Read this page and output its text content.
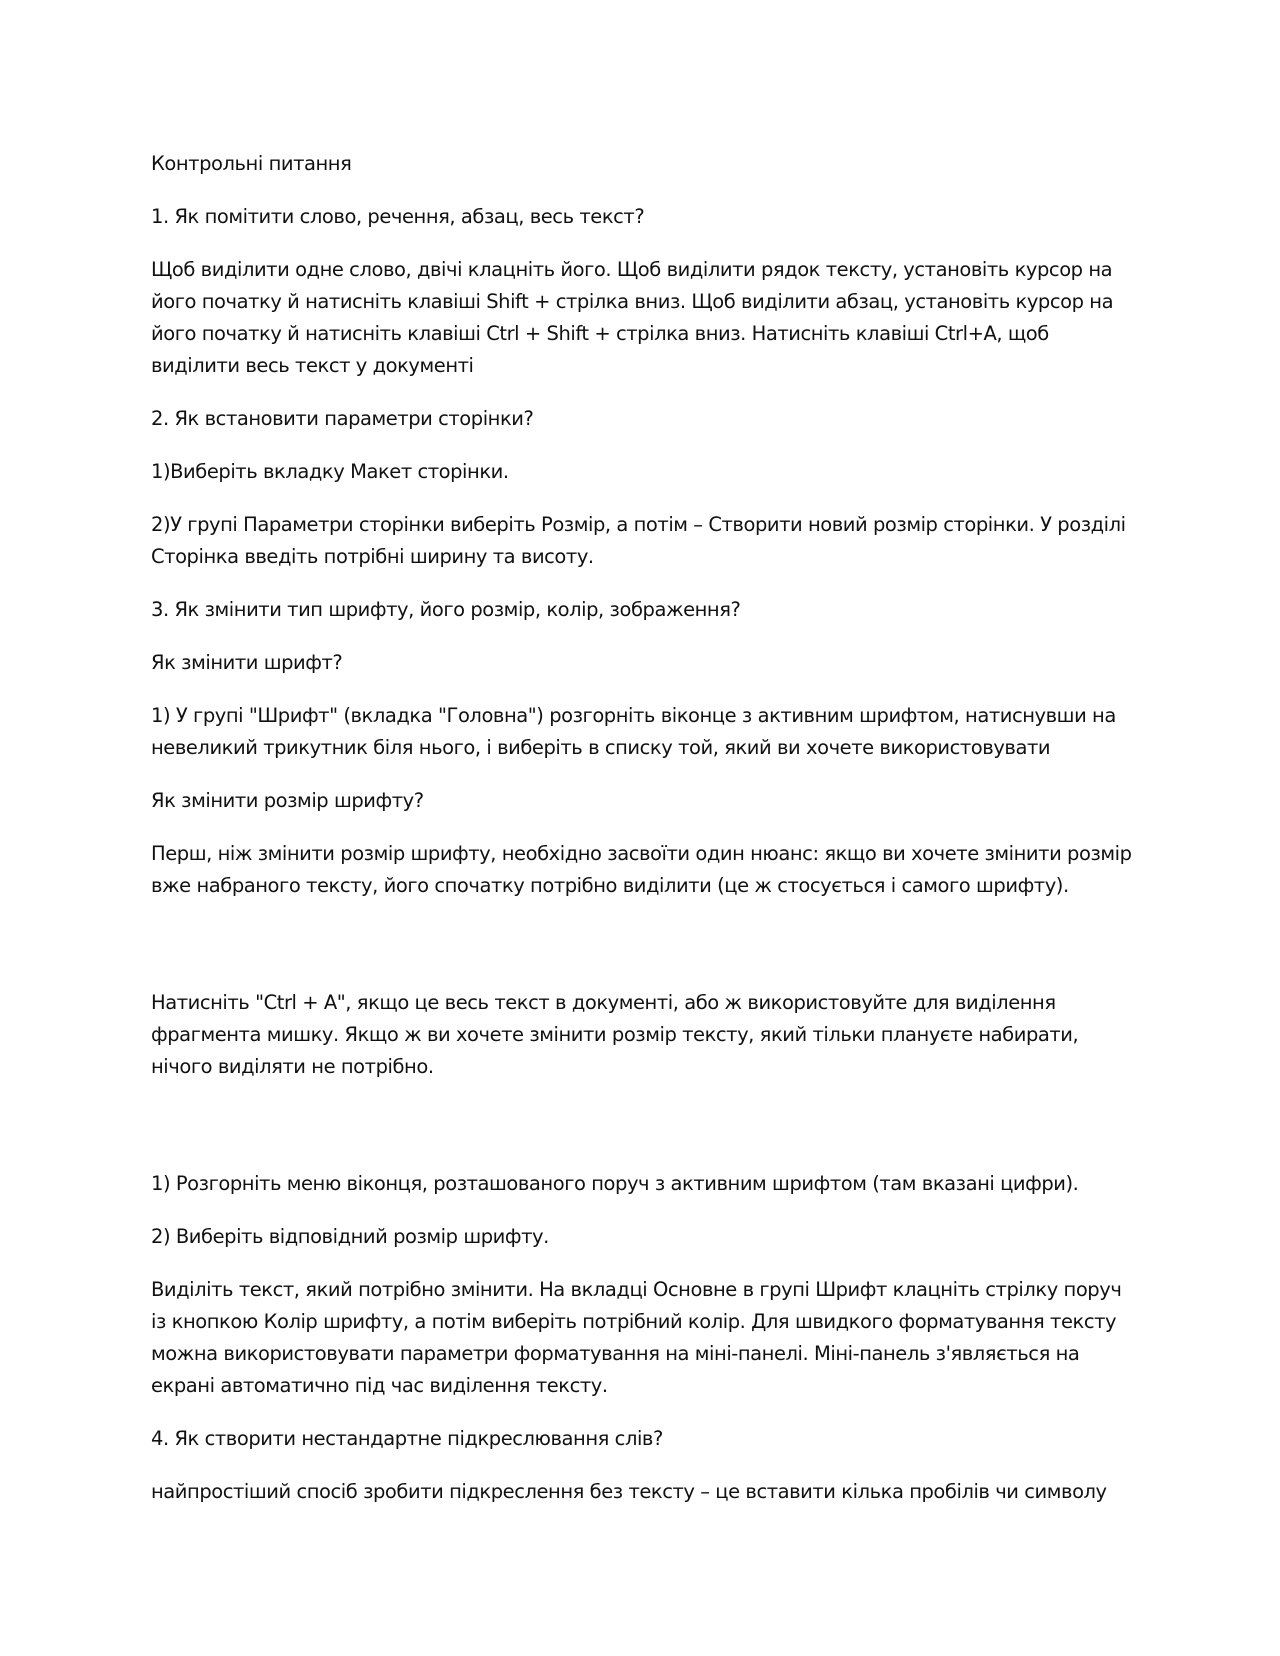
Контрольні питання

1. Як помітити слово, речення, абзац, весь текст?

Щоб виділити одне слово, двічі клацніть його. Щоб виділити рядок тексту, установіть курсор на його початку й натисніть клавіші Shift + стрілка вниз. Щоб виділити абзац, установіть курсор на його початку й натисніть клавіші Ctrl + Shift + стрілка вниз. Натисніть клавіші Ctrl+A, щоб виділити весь текст у документі

2. Як встановити параметри сторінки?

1)Виберіть вкладку Макет сторінки.

2)У групі Параметри сторінки виберіть Розмір, а потім – Створити новий розмір сторінки. У розділі Сторінка введіть потрібні ширину та висоту.

3. Як змінити тип шрифту, його розмір, колір, зображення?

Як змінити шрифт?

1) У групі "Шрифт" (вкладка "Головна") розгорніть віконце з активним шрифтом, натиснувши на невеликий трикутник біля нього, і виберіть в списку той, який ви хочете використовувати

Як змінити розмір шрифту?

Перш, ніж змінити розмір шрифту, необхідно засвоїти один нюанс: якщо ви хочете змінити розмір вже набраного тексту, його спочатку потрібно виділити (це ж стосується і самого шрифту).

Натисніть "Ctrl + A", якщо це весь текст в документі, або ж використовуйте для виділення фрагмента мишку. Якщо ж ви хочете змінити розмір тексту, який тільки плануєте набирати, нічого виділяти не потрібно.

1) Розгорніть меню віконця, розташованого поруч з активним шрифтом (там вказані цифри).

2) Виберіть відповідний розмір шрифту.

Виділіть текст, який потрібно змінити. На вкладці Основне в групі Шрифт клацніть стрілку поруч із кнопкою Колір шрифту, а потім виберіть потрібний колір. Для швидкого форматування тексту можна використовувати параметри форматування на міні-панелі. Міні-панель з'являється на екрані автоматично під час виділення тексту.

4. Як створити нестандартне підкреслювання слів?

найпростіший спосіб зробити підкреслення без тексту – це вставити кілька пробілів чи символу
